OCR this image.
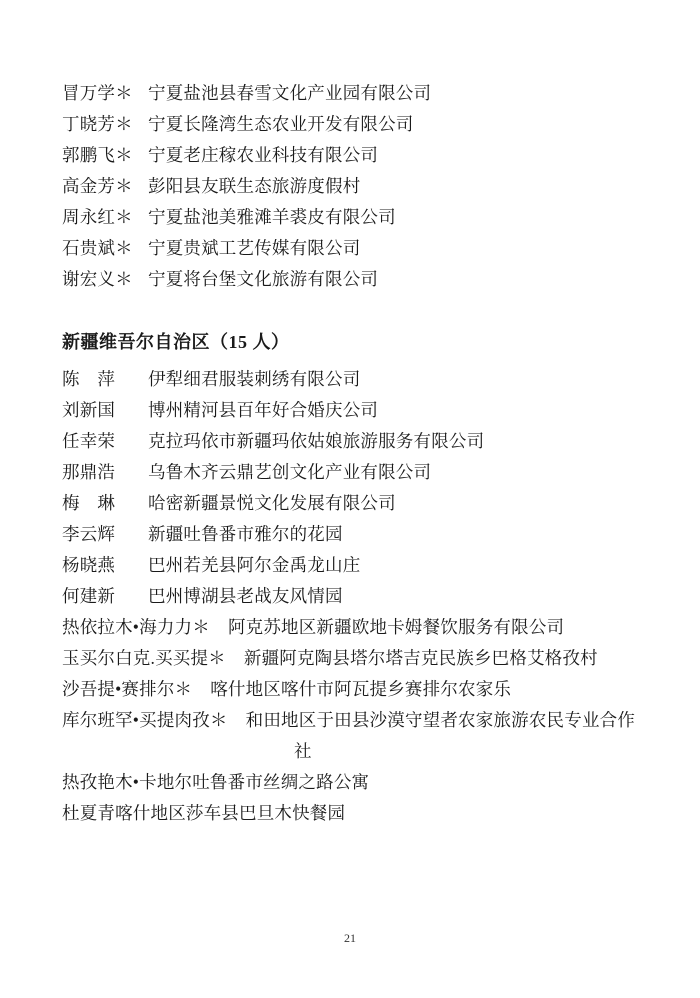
冒万学＊ 宁夏盐池县春雪文化产业园有限公司
丁晓芳＊ 宁夏长隆湾生态农业开发有限公司
郭鹏飞＊ 宁夏老庄稼农业科技有限公司
高金芳＊ 彭阳县友联生态旅游度假村
周永红＊ 宁夏盐池美雅滩羊裘皮有限公司
石贵斌＊ 宁夏贵斌工艺传媒有限公司
谢宏义＊ 宁夏将台堡文化旅游有限公司
新疆维吾尔自治区（15 人）
陈　萍	伊犁细君服装刺绣有限公司
刘新国	博州精河县百年好合婚庆公司
任幸荣	克拉玛依市新疆玛依姑娘旅游服务有限公司
那鼎浩	乌鲁木齐云鼎艺创文化产业有限公司
梅　琳	哈密新疆景悦文化发展有限公司
李云辉	新疆吐鲁番市雅尔的花园
杨晓燕	巴州若羌县阿尔金禹龙山庄
何建新	巴州博湖县老战友风情园
热依拉木•海力力＊ 阿克苏地区新疆欧地卡姆餐饮服务有限公司
玉买尔白克.买买提＊ 新疆阿克陶县塔尔塔吉克民族乡巴格艾格孜村
沙吾提•赛排尔＊ 喀什地区喀什市阿瓦提乡赛排尔农家乐
库尔班罕•买提肉孜＊ 和田地区于田县沙漠守望者农家旅游农民专业合作社
热孜艳木•卡地尔吐鲁番市丝绸之路公寓
杜夏青喀什地区莎车县巴旦木快餐园
21
